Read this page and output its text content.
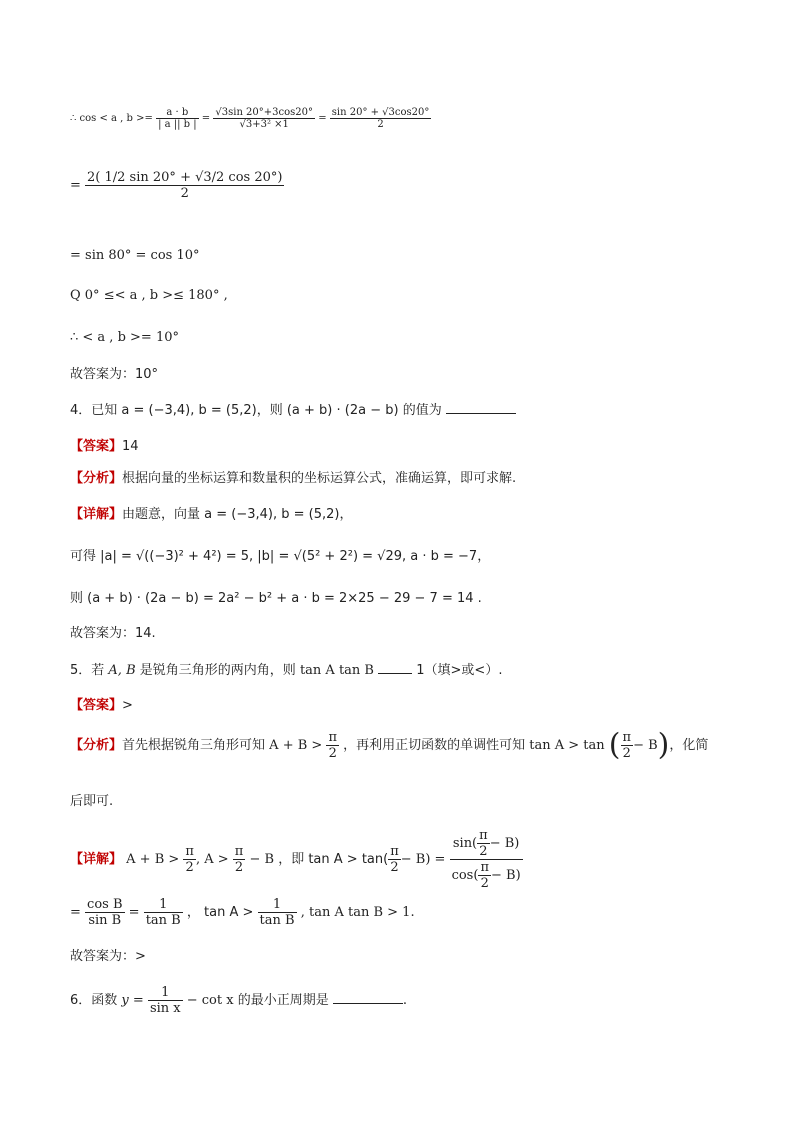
∴ cos < a , $b >= \frac{a \cdot b}{| a || b |} = \frac{√3\sin 20^\circ+3\cos 20^\circ}{\text{√3+3² ×1}} = \frac{\sin 20^\circ + √3\cos 20^\circ}{2}$
= $\frac{2( 1/2 \sin 20^\circ + √3/2 \cos 20^\circ)}{2}$
= sin 80° = cos 10°
Q 0° ≤< a , b >≤ 180° ,
∴ < a , b >= 10°
故答案为：10°
4．已知 a = (−3,4), b = (5,2)，则 (a + b) · (2a − b) 的值为
【答案】14
【分析】根据向量的坐标运算和数量积的坐标运算公式，准确运算，即可求解.
【详解】由题意，向量 a = (−3,4), b = (5,2)，
可得 |a| = √((−3)² + 4²) = 5, |b| = √(5² + 2²) = √29, a · b = −7，
则 (a + b) · (2a − b) = 2a² − b² + a · b = 2×25 − 29 − 7 = 14 .
故答案为：14.
5．若 A, B 是锐角三角形的两内角，则 tan A tan B	1（填>或<）.
【答案】>
【分析】首先根据锐角三角形可知 $A + B > \frac{\pi}{2}$ ，再利用正切函数的单调性可知 tan A > tan ( $\frac{\pi}{2} - B$)，化简
后即可.
【详解】 $A + B > \frac{\pi}{2}$ , $A > \frac{\pi}{2} - B$ ，即 $\tan A > \tan( \frac{\pi}{2} - B) = \frac{\sin( \frac{\pi}{2} - B)}{\cos( \frac{\pi}{2} - B)}$
= $\frac{\text{cos B}}{\text{sin B}} = \frac{1}{\text{tan B}}$ ， $\tan A > \frac{1}{\text{tan B}}$ , tan A tan B > 1.
故答案为：>
6．函数 $y = \frac{1}{\text{sin x}} - \cot x$ 的最小正周期是	.
